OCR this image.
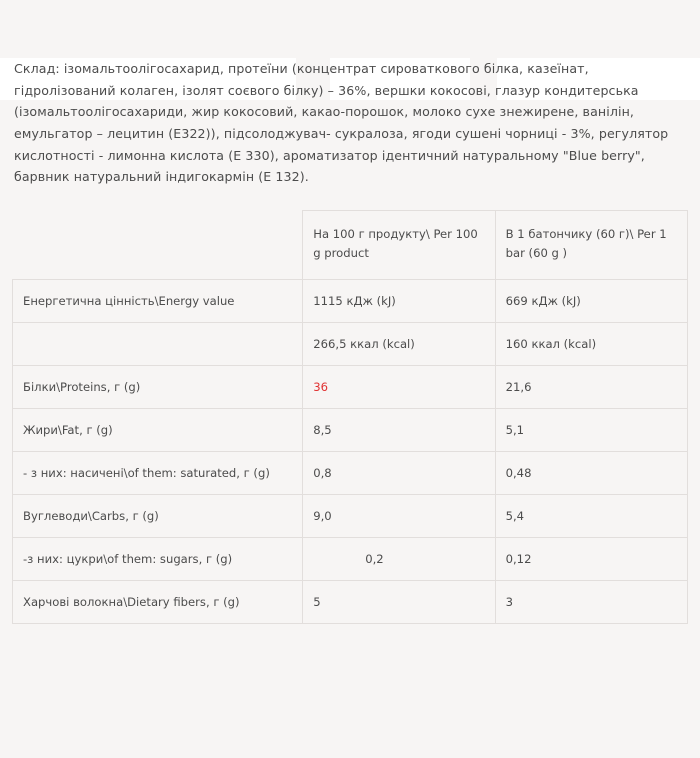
Склад: ізомальтоолігосахарид, протеїни (концентрат сироваткового білка, казеїнат, гідролізований колаген, ізолят соєвого білку) – 36%, вершки кокосові, глазур кондитерська (ізомальтоолігосахариди, жир кокосовий, какао-порошок, молоко сухе знежирене, ванілін, емульгатор – лецитин (Е322)), підсолоджувач- сукралоза, ягоди сушені чорниці - 3%, регулятор кислотності - лимонна кислота (Е 330), ароматизатор ідентичний натуральному "Blue berry", барвник натуральний індигокармін (Е 132).

	На 100 г продукту\ Per 100 g product	В 1 батончику (60 г)\ Per 1 bar (60 g )
Енергетична цінність\Energy value	1115 кДж (kJ)	669 кДж (kJ)
	266,5 ккал (kcal)	160 ккал (kcal)
Білки\Proteins, г (g)	36	21,6
Жири\Fat, г (g)	8,5	5,1
- з них: насичені\of them: saturated, г (g)	0,8	0,48
Вуглеводи\Carbs, г (g)	9,0	5,4
-з них: цукри\of them: sugars, г (g)	0,2	0,12
Харчові волокна\Dietary fibers, г (g)	5	3
